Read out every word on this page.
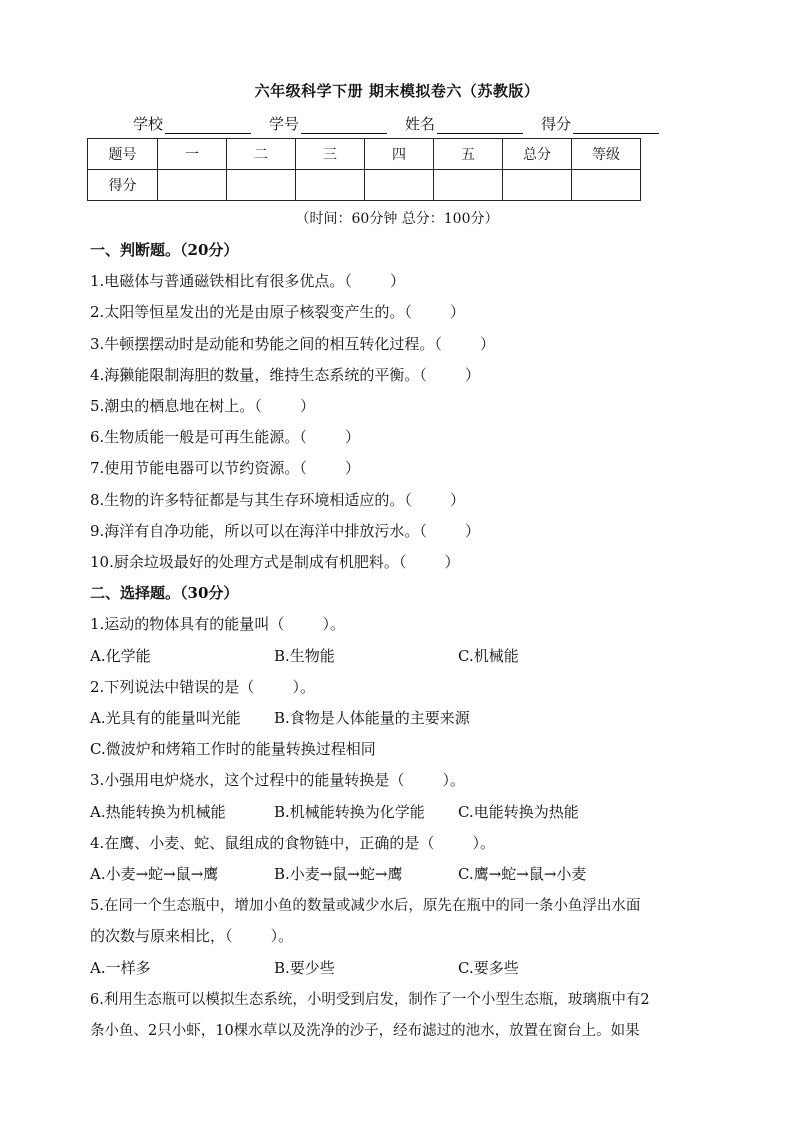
六年级科学下册 期末模拟卷六（苏教版）
学校	学号	姓名	得分
题号	一	二	三	四	五	总分	等级
得分							
（时间：60分钟 总分：100分）
一、判断题。（20分）
1.电磁体与普通磁铁相比有很多优点。（        ）
2.太阳等恒星发出的光是由原子核裂变产生的。（        ）
3.牛顿摆摆动时是动能和势能之间的相互转化过程。（        ）
4.海獭能限制海胆的数量，维持生态系统的平衡。（        ）
5.潮虫的栖息地在树上。（        ）
6.生物质能一般是可再生能源。（        ）
7.使用节能电器可以节约资源。（        ）
8.生物的许多特征都是与其生存环境相适应的。（        ）
9.海洋有自净功能，所以可以在海洋中排放污水。（        ）
10.厨余垃圾最好的处理方式是制成有机肥料。（        ）
二、选择题。（30分）
1.运动的物体具有的能量叫（        ）。
A.化学能	B.生物能	C.机械能
2.下列说法中错误的是（        ）。
A.光具有的能量叫光能	B.食物是人体能量的主要来源
C.微波炉和烤箱工作时的能量转换过程相同
3.小强用电炉烧水，这个过程中的能量转换是（        ）。
A.热能转换为机械能	B.机械能转换为化学能	C.电能转换为热能
4.在鹰、小麦、蛇、鼠组成的食物链中，正确的是（        ）。
A.小麦→蛇→鼠→鹰	B.小麦→鼠→蛇→鹰	C.鹰→蛇→鼠→小麦
5.在同一个生态瓶中，增加小鱼的数量或减少水后，原先在瓶中的同一条小鱼浮出水面
的次数与原来相比，（        ）。
A.一样多	B.要少些	C.要多些
6.利用生态瓶可以模拟生态系统，小明受到启发，制作了一个小型生态瓶，玻璃瓶中有2
条小鱼、2只小虾，10棵水草以及洗净的沙子，经布滤过的池水，放置在窗台上。如果
